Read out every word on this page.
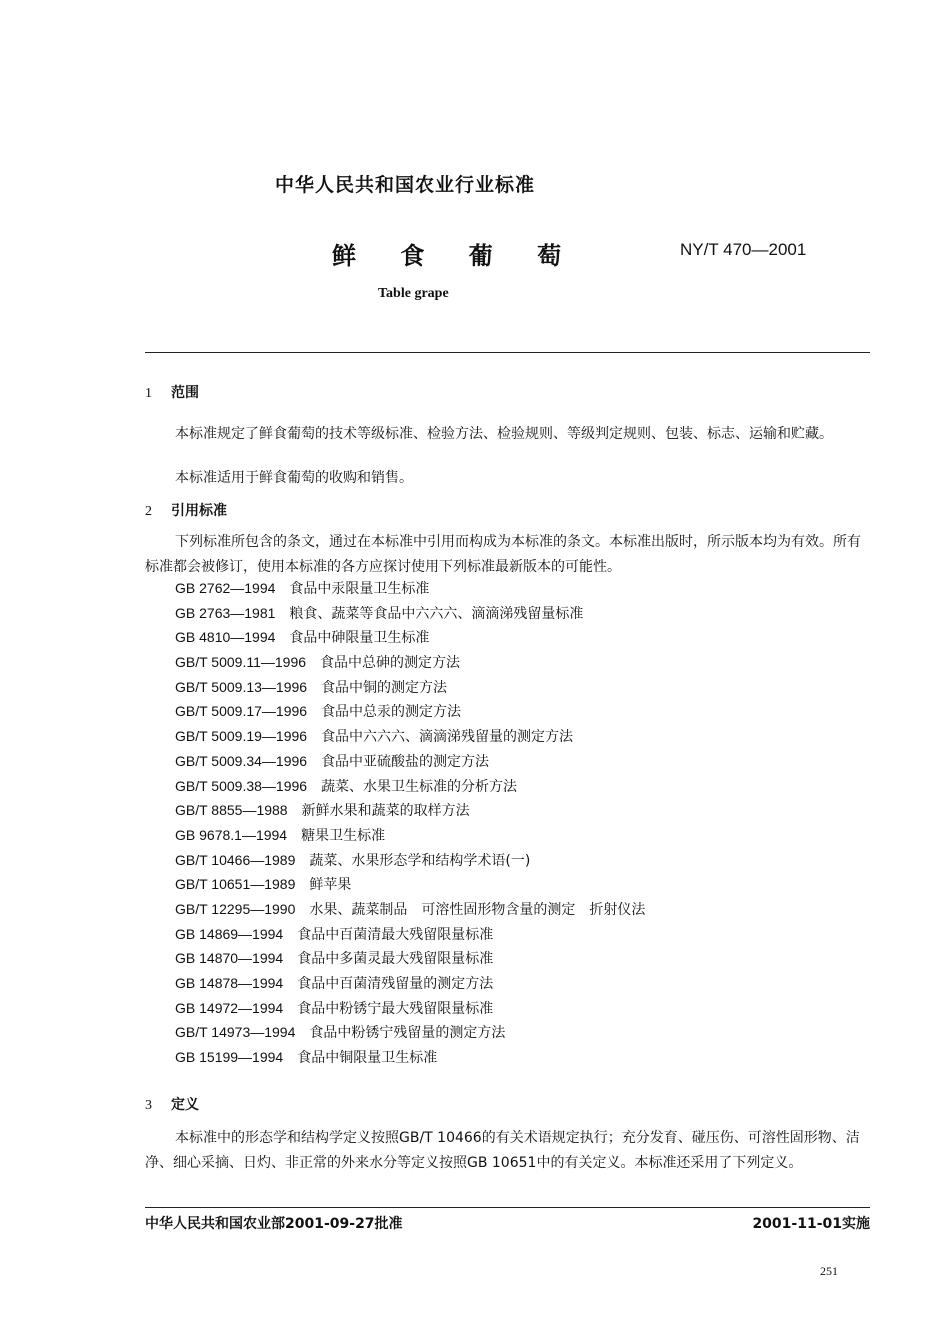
中华人民共和国农业行业标准
鲜 食 葡 萄	NY/T 470—2001
Table grape
1 范围
本标准规定了鲜食葡萄的技术等级标准、检验方法、检验规则、等级判定规则、包装、标志、运输和贮藏。
本标准适用于鲜食葡萄的收购和销售。
2 引用标准
下列标准所包含的条文，通过在本标准中引用而构成为本标准的条文。本标准出版时，所示版本均为有效。所有标准都会被修订，使用本标准的各方应探讨使用下列标准最新版本的可能性。
GB 2762—1994 食品中汞限量卫生标准
GB 2763—1981 粮食、蔬菜等食品中六六六、滴滴涕残留量标准
GB 4810—1994 食品中砷限量卫生标准
GB/T 5009.11—1996 食品中总砷的测定方法
GB/T 5009.13—1996 食品中铜的测定方法
GB/T 5009.17—1996 食品中总汞的测定方法
GB/T 5009.19—1996 食品中六六六、滴滴涕残留量的测定方法
GB/T 5009.34—1996 食品中亚硫酸盐的测定方法
GB/T 5009.38—1996 蔬菜、水果卫生标准的分析方法
GB/T 8855—1988 新鲜水果和蔬菜的取样方法
GB 9678.1—1994 糖果卫生标准
GB/T 10466—1989 蔬菜、水果形态学和结构学术语(一)
GB/T 10651—1989 鲜苹果
GB/T 12295—1990 水果、蔬菜制品　可溶性固形物含量的测定　折射仪法
GB 14869—1994 食品中百菌清最大残留限量标准
GB 14870—1994 食品中多菌灵最大残留限量标准
GB 14878—1994 食品中百菌清残留量的测定方法
GB 14972—1994 食品中粉锈宁最大残留限量标准
GB/T 14973—1994 食品中粉锈宁残留量的测定方法
GB 15199—1994 食品中铜限量卫生标准
3 定义
本标准中的形态学和结构学定义按照GB/T 10466的有关术语规定执行；充分发育、碰压伤、可溶性固形物、洁净、细心采摘、日灼、非正常的外来水分等定义按照GB 10651中的有关定义。本标准还采用了下列定义。
中华人民共和国农业部2001-09-27批准	2001-11-01实施
251
